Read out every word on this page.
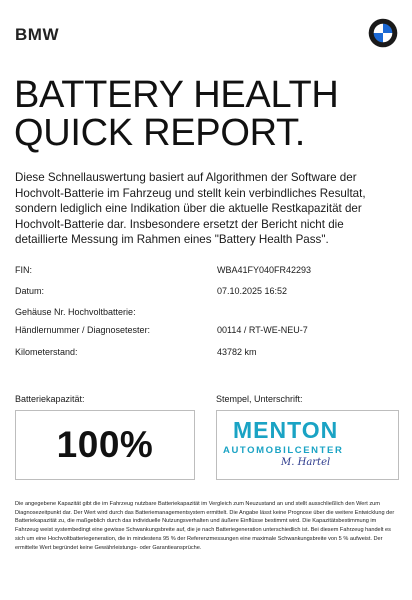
BMW
BATTERY HEALTH
QUICK REPORT.

Diese Schnellauswertung basiert auf Algorithmen der Software der Hochvolt-Batterie im Fahrzeug und stellt kein verbindliches Resultat, sondern lediglich eine Indikation über die aktuelle Restkapazität der Hochvolt-Batterie dar. Insbesondere ersetzt der Bericht nicht die detaillierte Messung im Rahmen eines "Battery Health Pass".

FIN:	WBA41FY040FR42293
Datum:	07.10.2025 16:52
Gehäuse Nr. Hochvoltbatterie:
Händlernummer / Diagnosetester:	00114 / RT-WE-NEU-7
Kilometerstand:	43782 km
Batteriekapazität:	Stempel, Unterschrift:
100%	MENTON
AUTOMOBILCENTER
M. Hartel

Die angegebene Kapazität gibt die im Fahrzeug nutzbare Batteriekapazität im Vergleich zum Neuzustand an und stellt ausschließlich den Wert zum Diagnosezeitpunkt dar. Der Wert wird durch das Batteriemanagementsystem ermittelt. Die Angabe lässt keine Prognose über die weitere Entwicklung der Batteriekapazität zu, die maßgeblich durch das individuelle Nutzungsverhalten und äußere Einflüsse bestimmt wird. Die Kapazitätsbestimmung im Fahrzeug weist systembedingt eine gewisse Schwankungsbreite auf, die je nach Batteriegeneration unterschiedlich ist. Bei diesem Fahrzeug handelt es sich um eine Hochvoltbatteriegeneration, die in mindestens 95 % der Referenzmessungen eine maximale Schwankungsbreite von 5 % aufweist. Der ermittelte Wert begründet keine Gewährleistungs- oder Garantieansprüche.
